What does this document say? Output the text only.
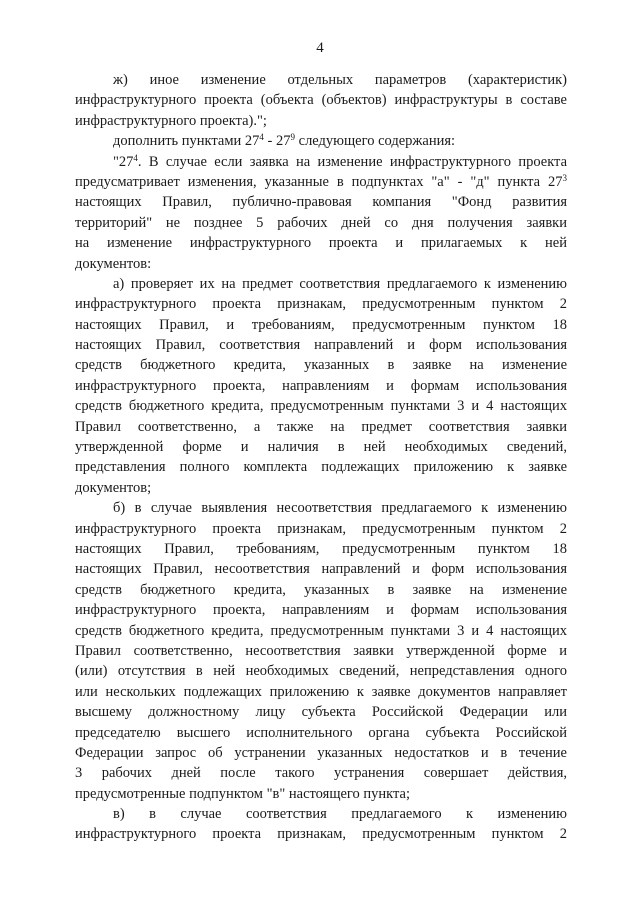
4
ж) иное изменение отдельных параметров (характеристик)
инфраструктурного проекта (объекта (объектов) инфраструктуры в составе
инфраструктурного проекта).";
дополнить пунктами $27^4 - 27^9$ следующего содержания:
"$27^4$. В случае если заявка на изменение инфраструктурного проекта
предусматривает изменения, указанные в подпунктах "а" - "д" пункта $27^3$
настоящих Правил, публично-правовая компания "Фонд развития
территорий" не позднее 5 рабочих дней со дня получения заявки
на изменение инфраструктурного проекта и прилагаемых к ней
документов:
а) проверяет их на предмет соответствия предлагаемого к изменению
инфраструктурного проекта признакам, предусмотренным пунктом 2
настоящих Правил, и требованиям, предусмотренным пунктом 18
настоящих Правил, соответствия направлений и форм использования
средств бюджетного кредита, указанных в заявке на изменение
инфраструктурного проекта, направлениям и формам использования
средств бюджетного кредита, предусмотренным пунктами 3 и 4 настоящих
Правил соответственно, а также на предмет соответствия заявки
утвержденной форме и наличия в ней необходимых сведений,
представления полного комплекта подлежащих приложению к заявке
документов;
б) в случае выявления несоответствия предлагаемого к изменению
инфраструктурного проекта признакам, предусмотренным пунктом 2
настоящих Правил, требованиям, предусмотренным пунктом 18
настоящих Правил, несоответствия направлений и форм использования
средств бюджетного кредита, указанных в заявке на изменение
инфраструктурного проекта, направлениям и формам использования
средств бюджетного кредита, предусмотренным пунктами 3 и 4 настоящих
Правил соответственно, несоответствия заявки утвержденной форме и
(или) отсутствия в ней необходимых сведений, непредставления одного
или нескольких подлежащих приложению к заявке документов направляет
высшему должностному лицу субъекта Российской Федерации или
председателю высшего исполнительного органа субъекта Российской
Федерации запрос об устранении указанных недостатков и в течение
3 рабочих дней после такого устранения совершает действия,
предусмотренные подпунктом "в" настоящего пункта;
в) в случае соответствия предлагаемого к изменению
инфраструктурного проекта признакам, предусмотренным пунктом 2
